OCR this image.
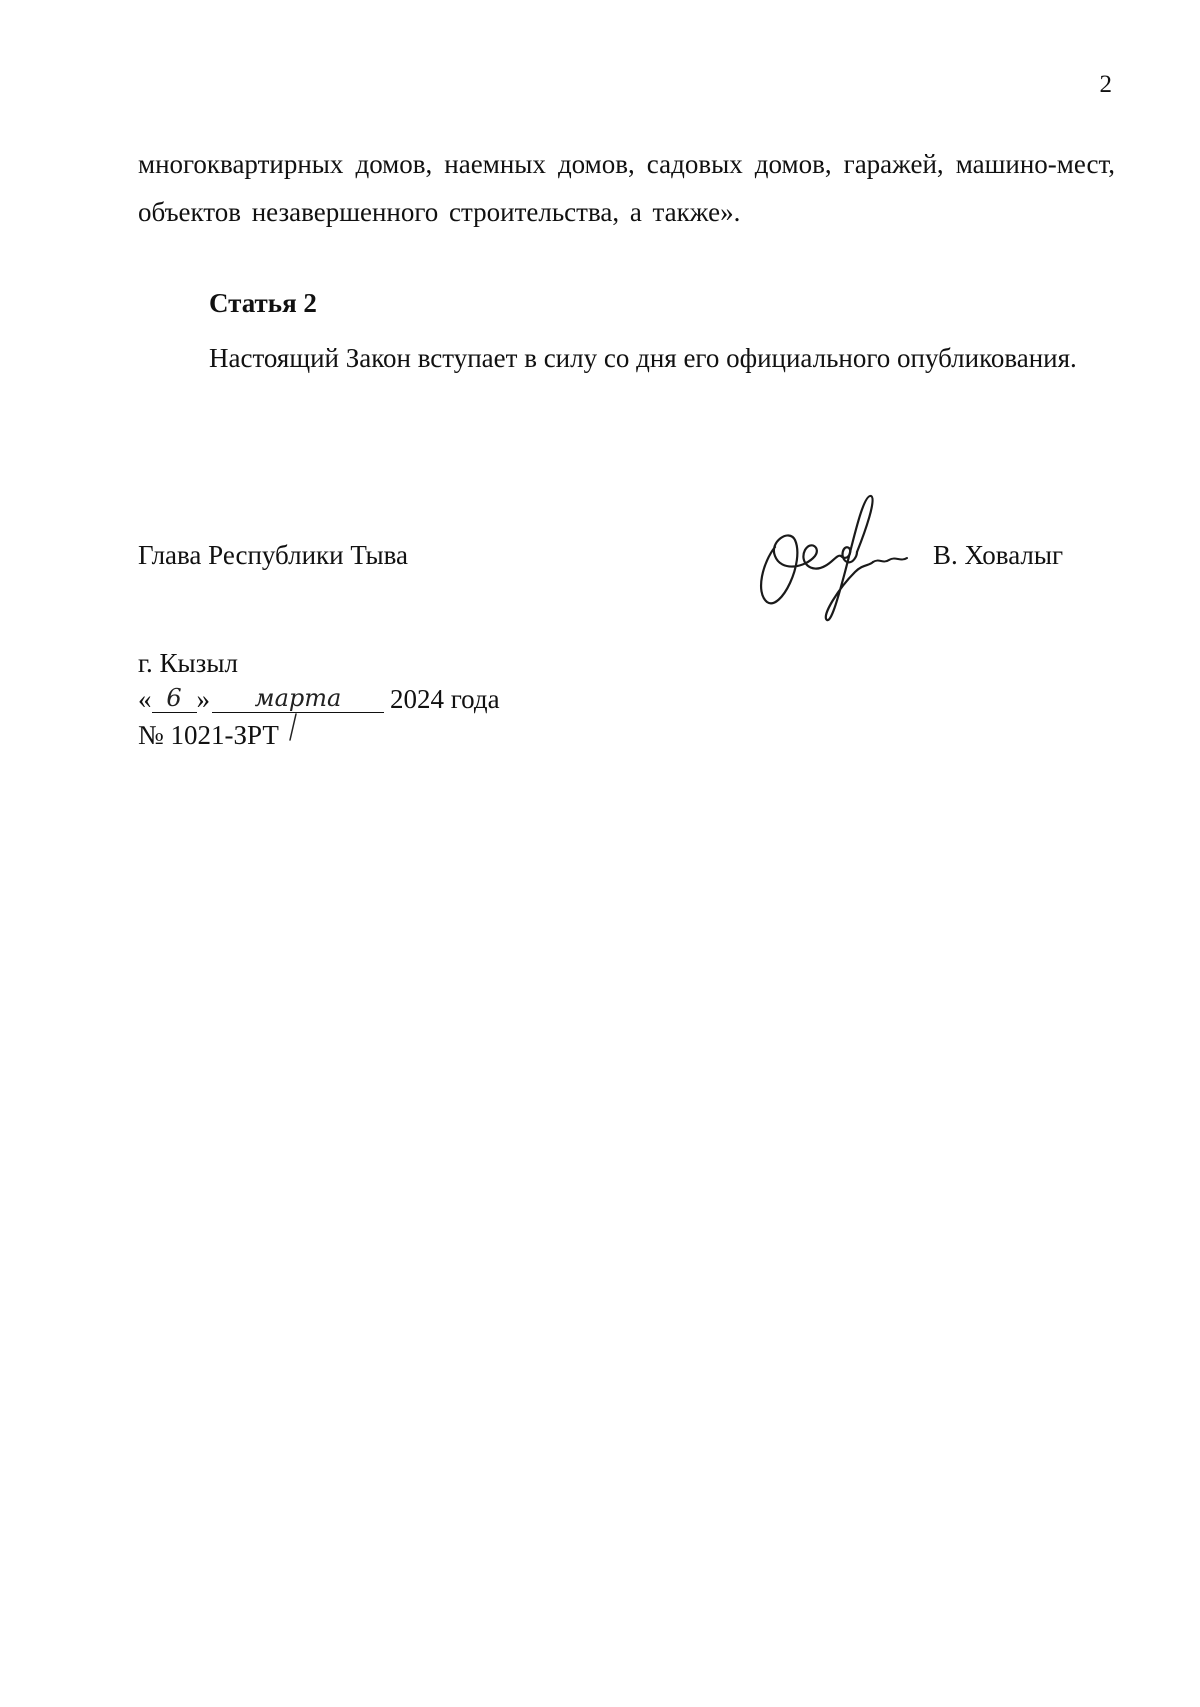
2
многоквартирных домов, наемных домов, садовых домов, гаражей, машино-мест, объектов незавершенного строительства, а также».
Статья 2
Настоящий Закон вступает в силу со дня его официального опубликования.
Глава Республики Тыва	В. Ховалыг
г. Кызыл
« 6 » марта 2024 года
№ 1021-ЗРТ
